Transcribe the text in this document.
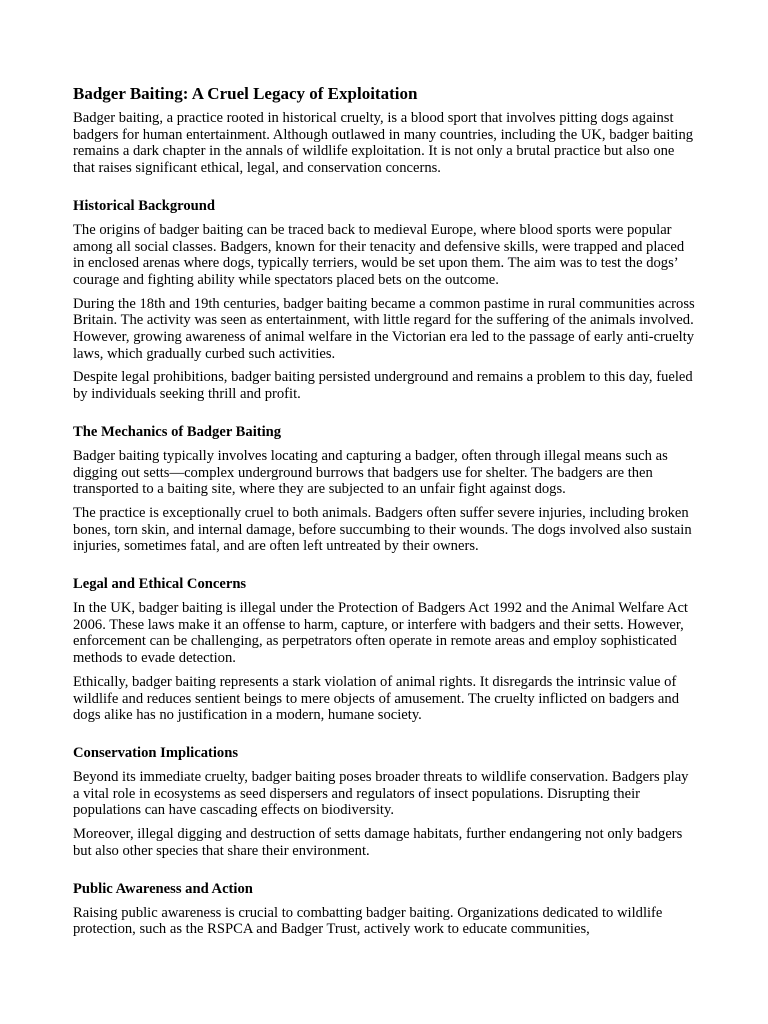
Badger Baiting: A Cruel Legacy of Exploitation

Badger baiting, a practice rooted in historical cruelty, is a blood sport that involves pitting dogs against badgers for human entertainment. Although outlawed in many countries, including the UK, badger baiting remains a dark chapter in the annals of wildlife exploitation. It is not only a brutal practice but also one that raises significant ethical, legal, and conservation concerns.

Historical Background

The origins of badger baiting can be traced back to medieval Europe, where blood sports were popular among all social classes. Badgers, known for their tenacity and defensive skills, were trapped and placed in enclosed arenas where dogs, typically terriers, would be set upon them. The aim was to test the dogs’ courage and fighting ability while spectators placed bets on the outcome.

During the 18th and 19th centuries, badger baiting became a common pastime in rural communities across Britain. The activity was seen as entertainment, with little regard for the suffering of the animals involved. However, growing awareness of animal welfare in the Victorian era led to the passage of early anti-cruelty laws, which gradually curbed such activities.

Despite legal prohibitions, badger baiting persisted underground and remains a problem to this day, fueled by individuals seeking thrill and profit.

The Mechanics of Badger Baiting

Badger baiting typically involves locating and capturing a badger, often through illegal means such as digging out setts—complex underground burrows that badgers use for shelter. The badgers are then transported to a baiting site, where they are subjected to an unfair fight against dogs.

The practice is exceptionally cruel to both animals. Badgers often suffer severe injuries, including broken bones, torn skin, and internal damage, before succumbing to their wounds. The dogs involved also sustain injuries, sometimes fatal, and are often left untreated by their owners.

Legal and Ethical Concerns

In the UK, badger baiting is illegal under the Protection of Badgers Act 1992 and the Animal Welfare Act 2006. These laws make it an offense to harm, capture, or interfere with badgers and their setts. However, enforcement can be challenging, as perpetrators often operate in remote areas and employ sophisticated methods to evade detection.

Ethically, badger baiting represents a stark violation of animal rights. It disregards the intrinsic value of wildlife and reduces sentient beings to mere objects of amusement. The cruelty inflicted on badgers and dogs alike has no justification in a modern, humane society.

Conservation Implications

Beyond its immediate cruelty, badger baiting poses broader threats to wildlife conservation. Badgers play a vital role in ecosystems as seed dispersers and regulators of insect populations. Disrupting their populations can have cascading effects on biodiversity.

Moreover, illegal digging and destruction of setts damage habitats, further endangering not only badgers but also other species that share their environment.

Public Awareness and Action

Raising public awareness is crucial to combatting badger baiting. Organizations dedicated to wildlife protection, such as the RSPCA and Badger Trust, actively work to educate communities,
